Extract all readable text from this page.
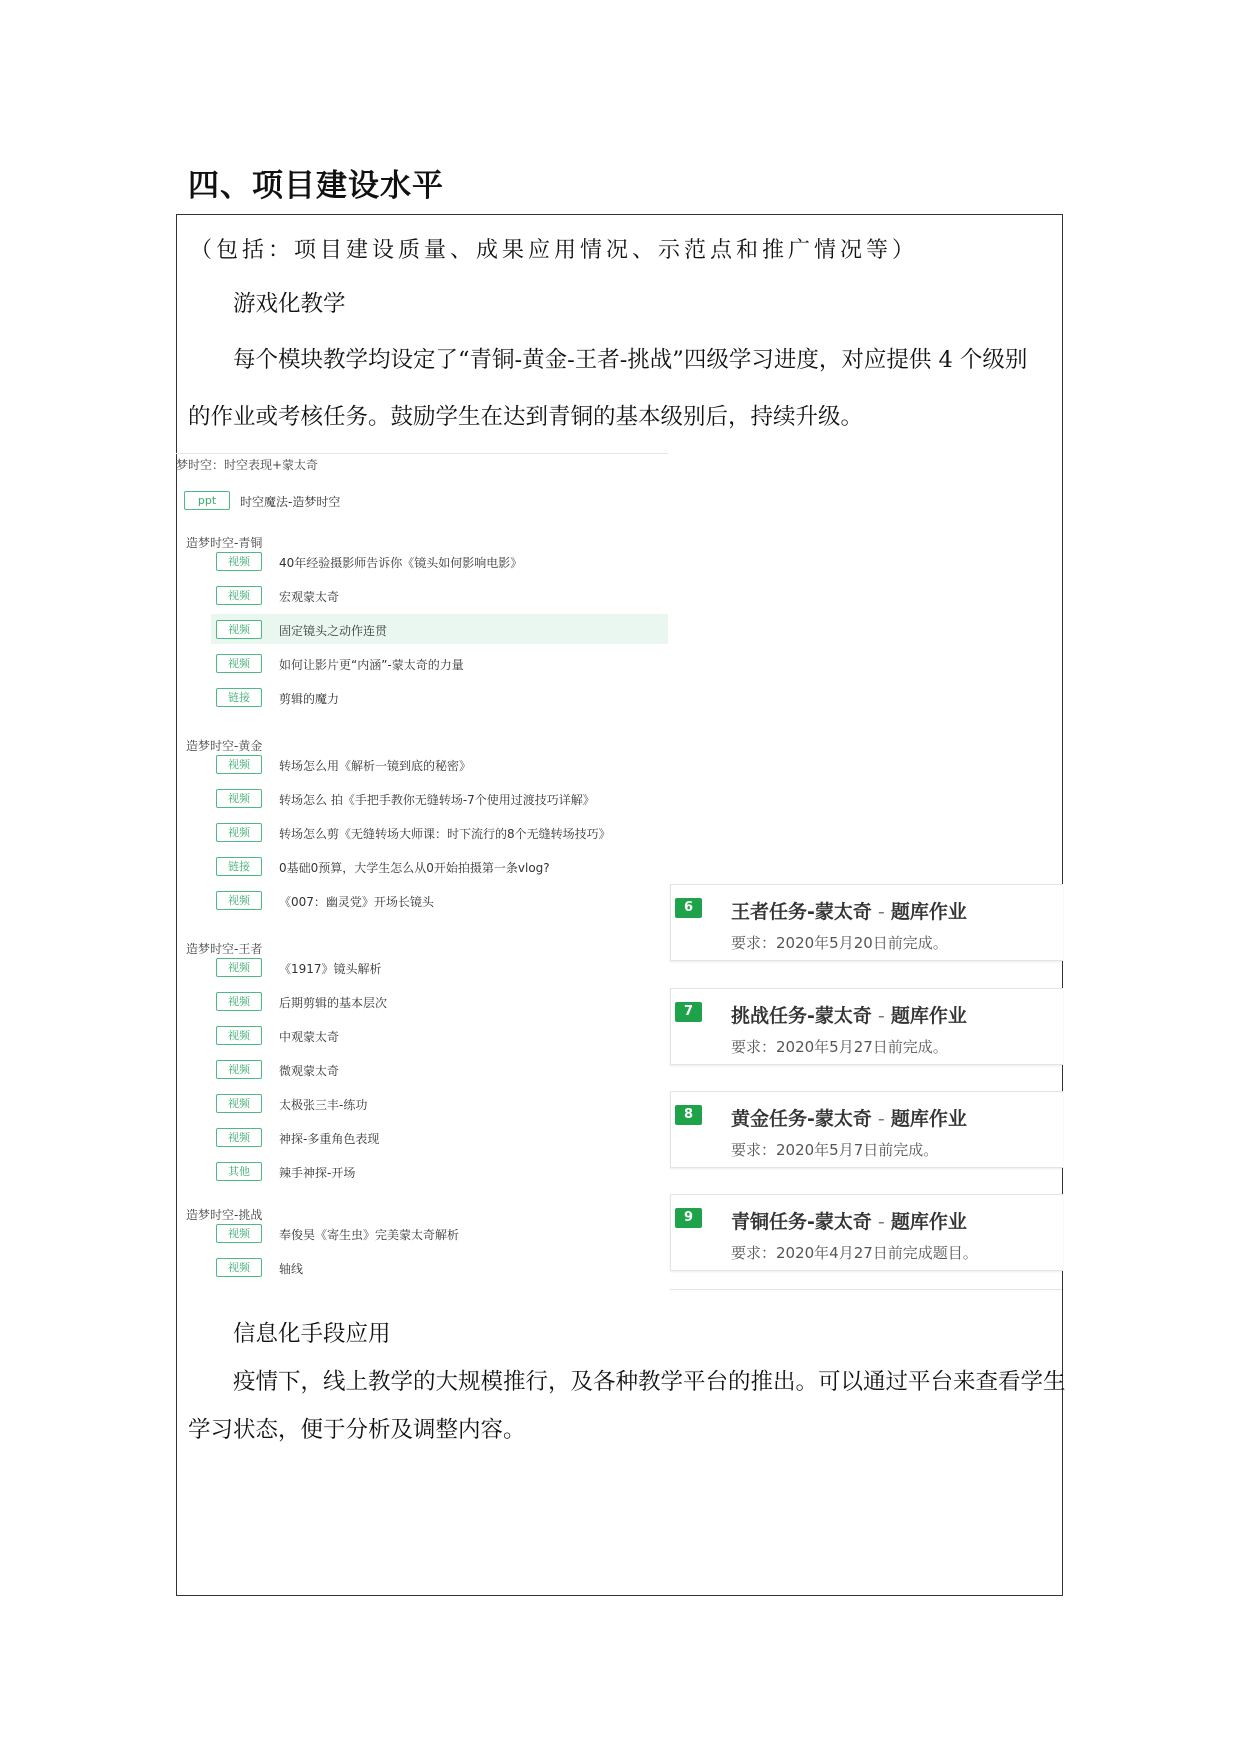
四、项目建设水平
（包括：项目建设质量、成果应用情况、示范点和推广情况等）
游戏化教学
每个模块教学均设定了“青铜-黄金-王者-挑战”四级学习进度，对应提供 4 个级别
的作业或考核任务。鼓励学生在达到青铜的基本级别后，持续升级。
梦时空：时空表现+蒙太奇
ppt	时空魔法-造梦时空
造梦时空-青铜
视频	40年经验摄影师告诉你《镜头如何影响电影》
视频	宏观蒙太奇
视频	固定镜头之动作连贯
视频	如何让影片更“内涵”-蒙太奇的力量
链接	剪辑的魔力
造梦时空-黄金
视频	转场怎么用《解析一镜到底的秘密》
视频	转场怎么 拍《手把手教你无缝转场-7个使用过渡技巧详解》
视频	转场怎么剪《无缝转场大师课：时下流行的8个无缝转场技巧》
链接	0基础0预算，大学生怎么从0开始拍摄第一条vlog?
视频	《007：幽灵党》开场长镜头
造梦时空-王者
视频	《1917》镜头解析
视频	后期剪辑的基本层次
视频	中观蒙太奇
视频	微观蒙太奇
视频	太极张三丰-练功
视频	神探-多重角色表现
其他	辣手神探-开场
造梦时空-挑战
视频	奉俊昊《寄生虫》完美蒙太奇解析
视频	轴线
6	王者任务-蒙太奇 - 题库作业
要求：2020年5月20日前完成。
7	挑战任务-蒙太奇 - 题库作业
要求：2020年5月27日前完成。
8	黄金任务-蒙太奇 - 题库作业
要求：2020年5月7日前完成。
9	青铜任务-蒙太奇 - 题库作业
要求：2020年4月27日前完成题目。
信息化手段应用
疫情下，线上教学的大规模推行，及各种教学平台的推出。可以通过平台来查看学生
学习状态，便于分析及调整内容。
